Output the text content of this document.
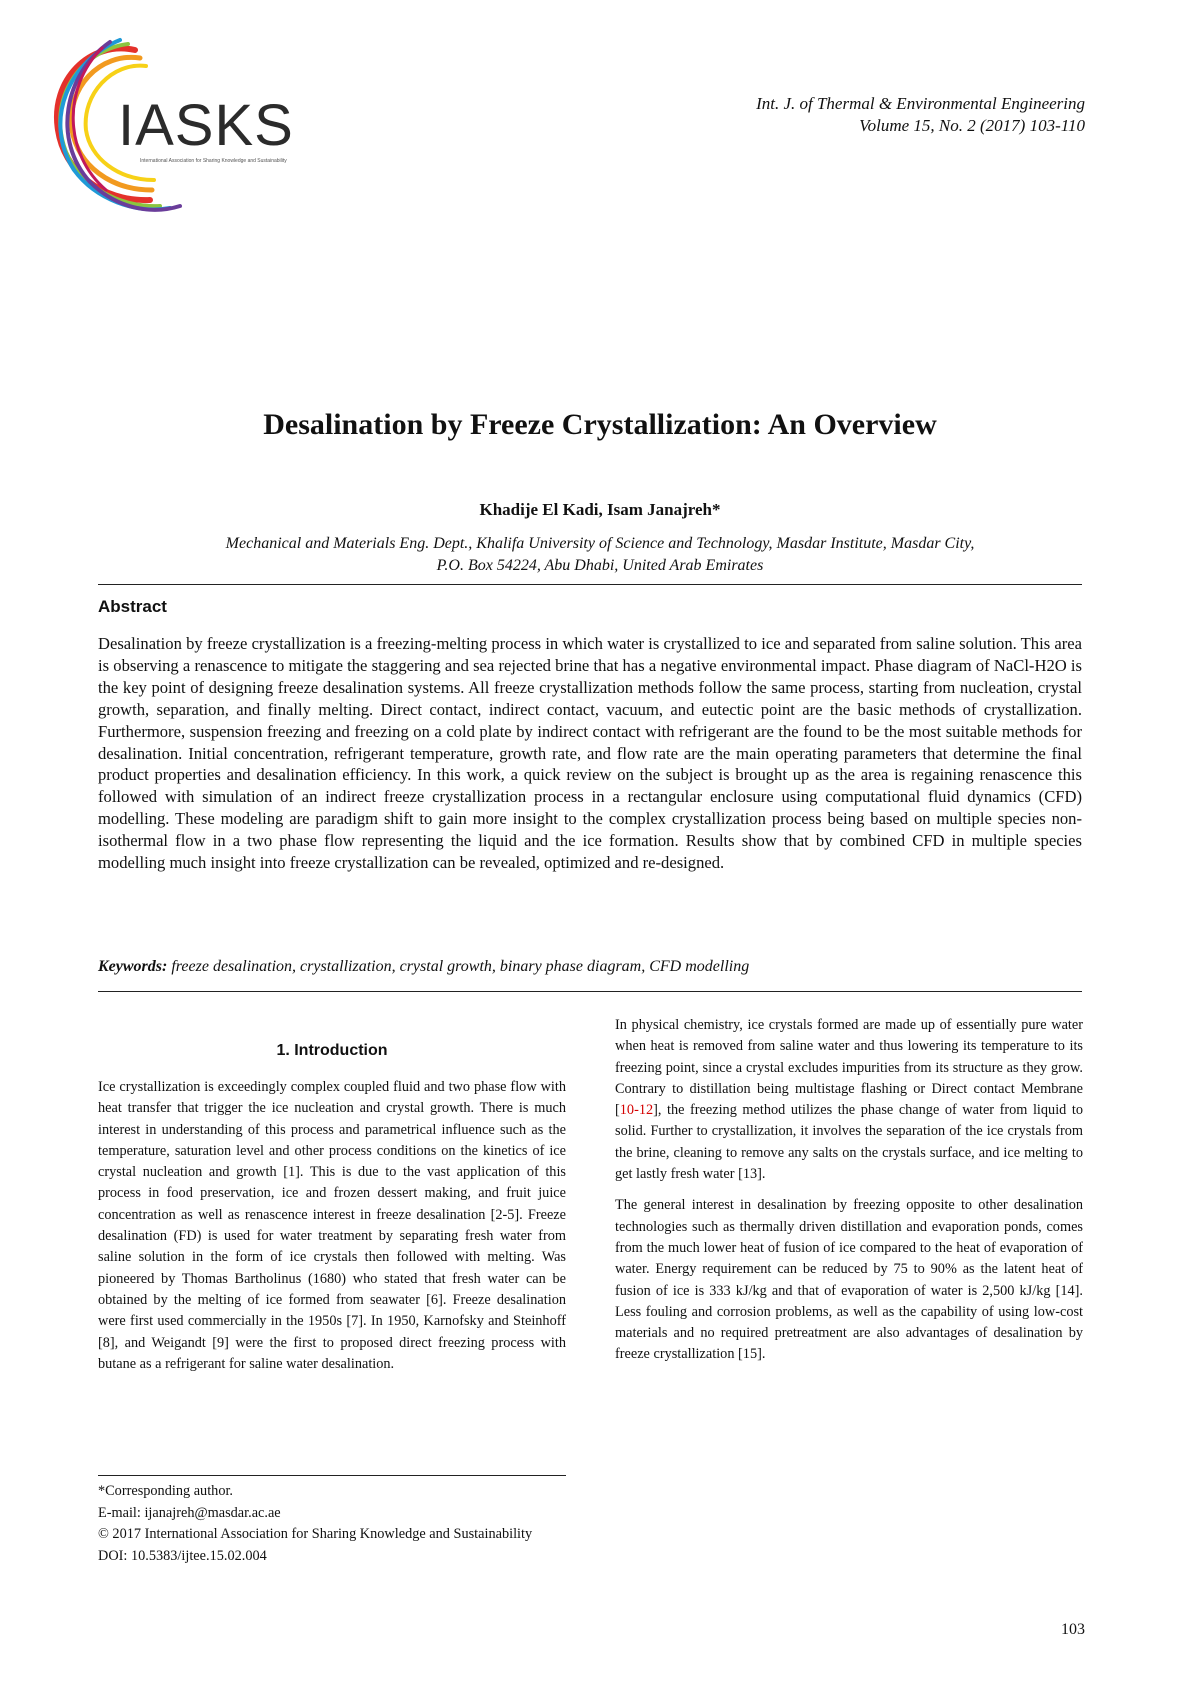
IASKS
International Association for Sharing Knowledge and Sustainability
Int. J. of Thermal & Environmental Engineering
Volume 15, No. 2 (2017) 103-110
Desalination by Freeze Crystallization: An Overview
Khadije El Kadi, Isam Janajreh*
Mechanical and Materials Eng. Dept., Khalifa University of Science and Technology, Masdar Institute, Masdar City,
P.O. Box 54224, Abu Dhabi, United Arab Emirates
Abstract
Desalination by freeze crystallization is a freezing-melting process in which water is crystallized to ice and separated from saline solution. This area is observing a renascence to mitigate the staggering and sea rejected brine that has a negative environmental impact. Phase diagram of NaCl-H2O is the key point of designing freeze desalination systems. All freeze crystallization methods follow the same process, starting from nucleation, crystal growth, separation, and finally melting. Direct contact, indirect contact, vacuum, and eutectic point are the basic methods of crystallization. Furthermore, suspension freezing and freezing on a cold plate by indirect contact with refrigerant are the found to be the most suitable methods for desalination. Initial concentration, refrigerant temperature, growth rate, and flow rate are the main operating parameters that determine the final product properties and desalination efficiency. In this work, a quick review on the subject is brought up as the area is regaining renascence this followed with simulation of an indirect freeze crystallization process in a rectangular enclosure using computational fluid dynamics (CFD) modelling. These modeling are paradigm shift to gain more insight to the complex crystallization process being based on multiple species non-isothermal flow in a two phase flow representing the liquid and the ice formation. Results show that by combined CFD in multiple species modelling much insight into freeze crystallization can be revealed, optimized and re-designed.
Keywords: freeze desalination, crystallization, crystal growth, binary phase diagram, CFD modelling
1. Introduction

Ice crystallization is exceedingly complex coupled fluid and two phase flow with heat transfer that trigger the ice nucleation and crystal growth. There is much interest in understanding of this process and parametrical influence such as the temperature, saturation level and other process conditions on the kinetics of ice crystal nucleation and growth [1]. This is due to the vast application of this process in food preservation, ice and frozen dessert making, and fruit juice concentration as well as renascence interest in freeze desalination [2-5]. Freeze desalination (FD) is used for water treatment by separating fresh water from saline solution in the form of ice crystals then followed with melting. Was pioneered by Thomas Bartholinus (1680) who stated that fresh water can be obtained by the melting of ice formed from seawater [6]. Freeze desalination were first used commercially in the 1950s [7]. In 1950, Karnofsky and Steinhoff [8], and Weigandt [9] were the first to proposed direct freezing process with butane as a refrigerant for saline water desalination.

In physical chemistry, ice crystals formed are made up of essentially pure water when heat is removed from saline water and thus lowering its temperature to its freezing point, since a crystal excludes impurities from its structure as they grow. Contrary to distillation being multistage flashing or Direct contact Membrane [10-12], the freezing method utilizes the phase change of water from liquid to solid. Further to crystallization, it involves the separation of the ice crystals from the brine, cleaning to remove any salts on the crystals surface, and ice melting to get lastly fresh water [13].

The general interest in desalination by freezing opposite to other desalination technologies such as thermally driven distillation and evaporation ponds, comes from the much lower heat of fusion of ice compared to the heat of evaporation of water. Energy requirement can be reduced by 75 to 90% as the latent heat of fusion of ice is 333 kJ/kg and that of evaporation of water is 2,500 kJ/kg [14]. Less fouling and corrosion problems, as well as the capability of using low-cost materials and no required pretreatment are also advantages of desalination by freeze crystallization [15].

*Corresponding author.
E-mail: ijanajreh@masdar.ac.ae
© 2017 International Association for Sharing Knowledge and Sustainability
DOI: 10.5383/ijtee.15.02.004
103
